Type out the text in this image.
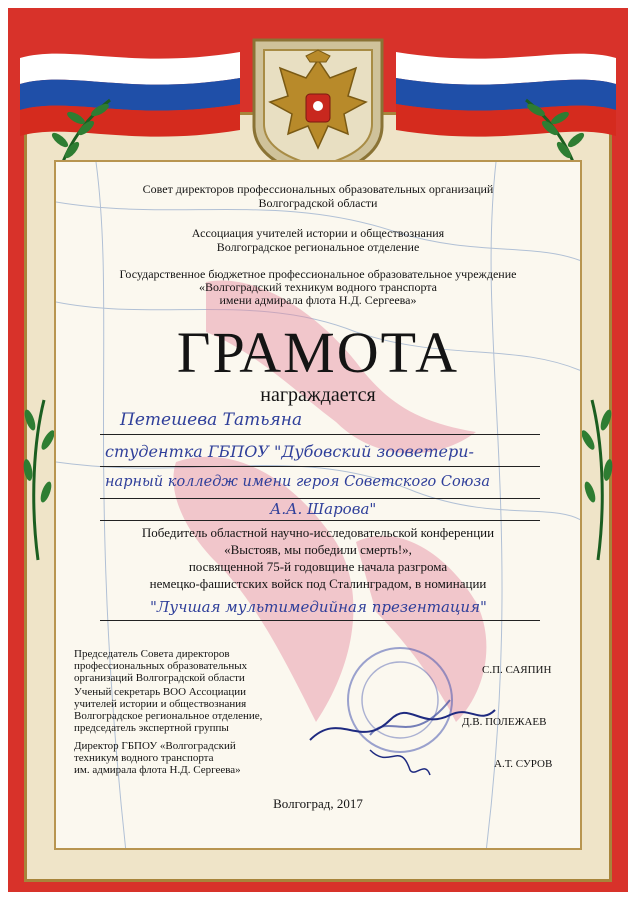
Совет директоров профессиональных образовательных организаций
Волгоградской области
Ассоциация учителей истории и обществознания
Волгоградское региональное отделение
Государственное бюджетное профессиональное образовательное учреждение
«Волгоградский техникум водного транспорта
имени адмирала флота Н.Д. Сергеева»
ГРАМОТА
награждается
Петешева Татьяна
студентка ГБПОУ "Дубовский зооветери-
нарный колледж имени героя Советского Союза
А.А. Шарова"
Победитель областной научно-исследовательской конференции
«Выстояв, мы победили смерть!»,
посвященной 75-й годовщине начала разгрома
немецко-фашистских войск под Сталинградом, в номинации
"Лучшая мультимедийная презентация"
Председатель Совета директоров
профессиональных образовательных
организаций Волгоградской области
С.П. САЯПИН
Ученый секретарь ВОО Ассоциации
учителей истории и обществознания
Волгоградское региональное отделение,
председатель экспертной группы	Д.В. ПОЛЕЖАЕВ
Директор ГБПОУ «Волгоградский
техникум водного транспорта
им. адмирала флота Н.Д. Сергеева»	А.Т. СУРОВ
Волгоград, 2017
